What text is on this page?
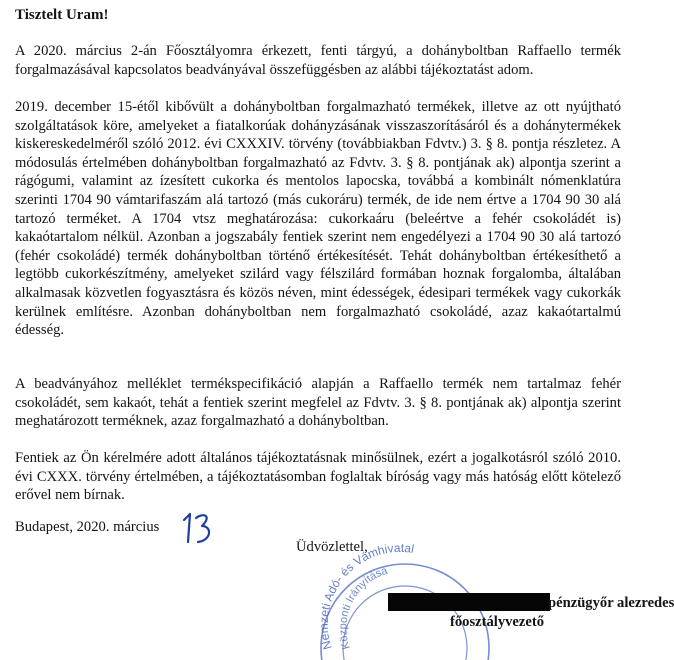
Tisztelt Uram!

A 2020. március 2-án Főosztályomra érkezett, fenti tárgyú, a dohányboltban Raffaello termék forgalmazásával kapcsolatos beadványával összefüggésben az alábbi tájékoztatást adom.

2019. december 15-étől kibővült a dohányboltban forgalmazható termékek, illetve az ott nyújtható szolgáltatások köre, amelyeket a fiatalkorúak dohányzásának visszaszorításáról és a dohánytermékek kiskereskedelméről szóló 2012. évi CXXXIV. törvény (továbbiakban Fdvtv.) 3. § 8. pontja részletez. A módosulás értelmében dohányboltban forgalmazható az Fdvtv. 3. § 8. pontjának ak) alpontja szerint a rágógumi, valamint az ízesített cukorka és mentolos lapocska, továbbá a kombinált nómenklatúra szerinti 1704 90 vámtarifaszám alá tartozó (más cukoráru) termék, de ide nem értve a 1704 90 30 alá tartozó terméket. A 1704 vtsz meghatározása: cukorkaáru (beleértve a fehér csokoládét is) kakaótartalom nélkül. Azonban a jogszabály fentiek szerint nem engedélyezi a 1704 90 30 alá tartozó (fehér csokoládé) termék dohányboltban történő értékesítését. Tehát dohányboltban értékesíthető a legtöbb cukorkészítmény, amelyeket szilárd vagy félszilárd formában hoznak forgalomba, általában alkalmasak közvetlen fogyasztásra és közös néven, mint édességek, édesipari termékek vagy cukorkák kerülnek említésre. Azonban dohányboltban nem forgalmazható csokoládé, azaz kakaótartalmú édesség.

A beadványához melléklet termékspecifikáció alapján a Raffaello termék nem tartalmaz fehér csokoládét, sem kakaót, tehát a fentiek szerint megfelel az Fdvtv. 3. § 8. pontjának ak) alpontja szerint meghatározott terméknek, azaz forgalmazható a dohányboltban.

Fentiek az Ön kérelmére adott általános tájékoztatásnak minősülnek, ezért a jogalkotásról szóló 2010. évi CXXX. törvény értelmében, a tájékoztatásomban foglaltak bíróság vagy más hatóság előtt kötelező erővel nem bírnak.

Budapest, 2020. március

Nemzeti Adó- és Vámhivatal
Központi Irányítása

Üdvözlettel,

pénzügyőr alezredes

főosztályvezető
